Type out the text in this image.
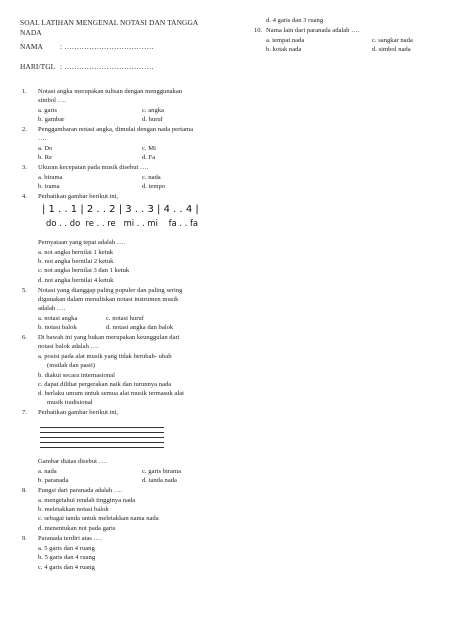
SOAL LATIHAN MENGENAL NOTASI DAN TANGGA
NADA
NAMA : ………………………………
HARI/TGL : ………………………………
d. 4 garis dan 3 ruang
10. Nama lain dari paranada adalah ….
a. tempat nada	c. sangkar nada
b. kotak nada	d. simbol nada
1. Notasi angka merupakan tulisan dengan menggunakan
simbol ….
a. garis	c. angka
b. gambar	d. huruf
2. Penggambaran notasi angka, dimulai dengan nada pertama
….
a. Do	c. Mi
b. Re	d. Fa
3. Ukuran kecepatan pada musik disebut ….
a. birama	c. nada
b. irama	d. tempo
4. Perhatikan gambar berikut ini,
| 1 . . 1 | 2 . . 2 | 3 . . 3 | 4 . . 4 |
do . . do  re . . re   mi . . mi    fa . . fa
Pernyataan yang tepat adalah ….
a. not angka bernilai 1 ketuk
b. not angka bernilai 2 ketuk
c. not angka bernilai 3 dan 1 ketuk
d. not angka bernilai 4 ketuk
5. Notasi yang dianggap paling populer dan paling sering
digunakan dalam menuliskan notasi instrumen musik
adalah ….
a. notasi angka	c. notasi huruf
b. notasi balok	d. notasi angka dan balok
6. Di bawah ini yang bukan merupakan keunggulan dari
notasi balok adalah ….
a. posisi pada alat musik yang tidak berubah- ubah
(mutlak dan pasti)
b. diakui secara internasional
c. dapat dilihat pergerakan naik dan turunnya nada
d. berlaku umum untuk semua alat musik termasuk alat
musik tradisional
7. Perhatikan gambar berikut ini,
Gambar diatas disebut ….
a. nada	c. garis birama
b. paranada	d. tanda nada
8. Fungsi dari paranada adalah ….
a. mengetahui rendah tingginya nada
b. meletakkan notasi balok
c. sebagai tanda untuk meletakkan nama nada
d. menentukan not pada garis
9. Paranada terdiri atas ….
a. 5 garis dan 4 ruang
b. 5 garis dan 4 ruang
c. 4 garis dan 4 ruang
